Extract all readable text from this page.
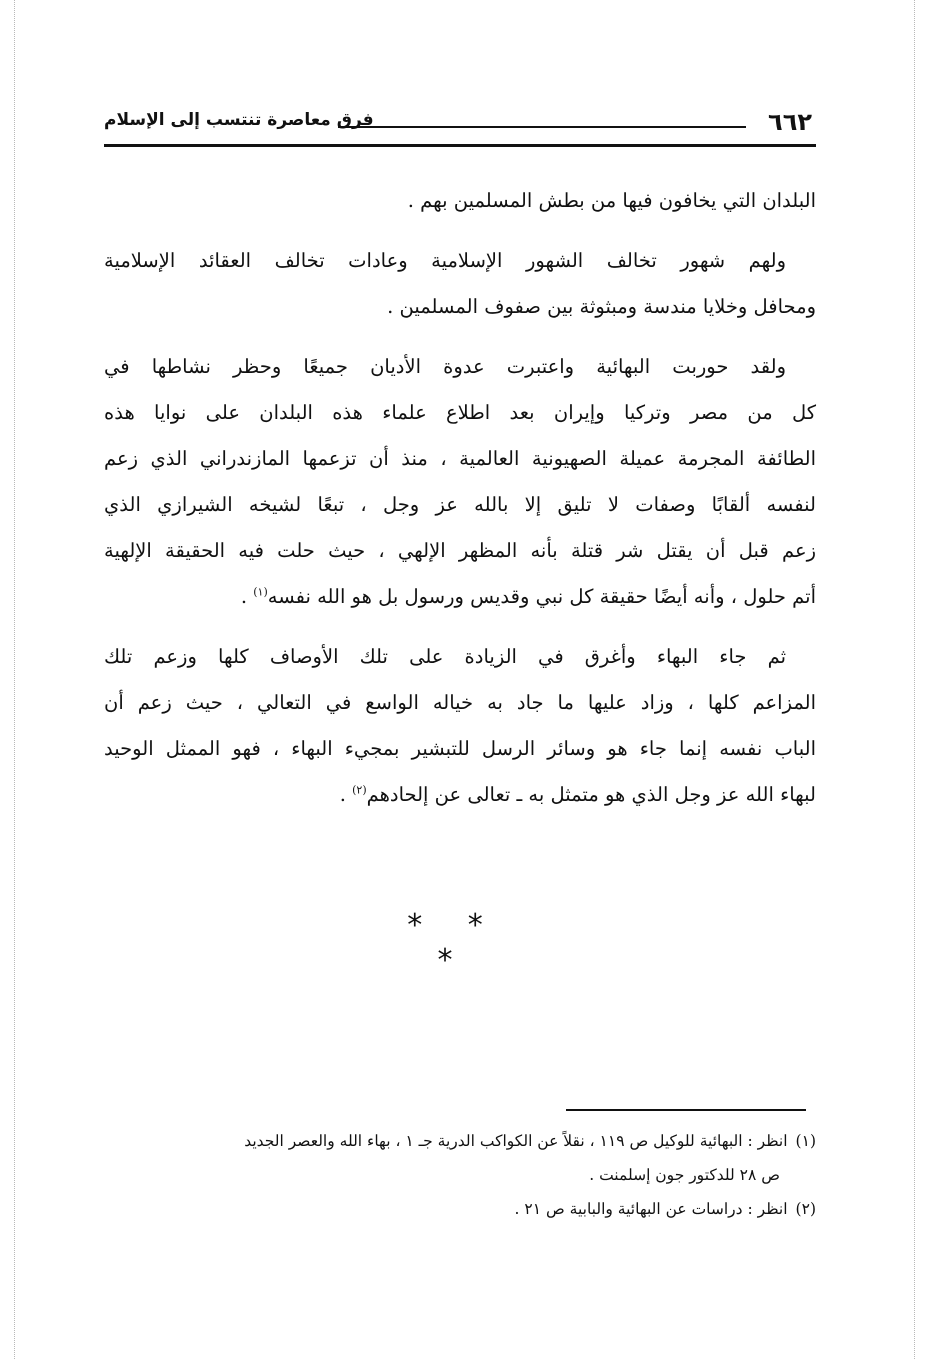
٦٦٢
فرق معاصرة تنتسب إلى الإسلام

البلدان التي يخافون فيها من بطش المسلمين بهم .

ولهم شهور تخالف الشهور الإسلامية وعادات تخالف العقائد الإسلامية
ومحافل وخلايا مندسة ومبثوثة بين صفوف المسلمين .

ولقد حوربت البهائية واعتبرت عدوة الأديان جميعًا وحظر نشاطها في
كل من مصر وتركيا وإيران بعد اطلاع علماء هذه البلدان على نوايا هذه
الطائفة المجرمة عميلة الصهيونية العالمية ، منذ أن تزعمها المازندراني الذي زعم
لنفسه ألقابًا وصفات لا تليق إلا بالله عز وجل ، تبعًا لشيخه الشيرازي الذي
زعم قبل أن يقتل شر قتلة بأنه المظهر الإلهي ، حيث حلت فيه الحقيقة الإلهية
أتم حلول ، وأنه أيضًا حقيقة كل نبي وقديس ورسول بل هو الله نفسه$^{(١)}$ .

ثم جاء البهاء وأغرق في الزيادة على تلك الأوصاف كلها وزعم تلك
المزاعم كلها ، وزاد عليها ما جاد به خياله الواسع في التعالي ، حيث زعم أن
الباب نفسه إنما جاء هو وسائر الرسل للتبشير بمجيء البهاء ، فهو الممثل الوحيد
لبهاء الله عز وجل الذي هو متمثل به ـ تعالى عن إلحادهم$^{(٢)}$ .

* * *
(١)انظر : البهائية للوكيل ص ١١٩ ، نقلاً عن الكواكب الدرية جـ ١ ، بهاء الله والعصر الجديد
ص ٢٨ للدكتور جون إسلمنت .
(٢)انظر : دراسات عن البهائية والبابية ص ٢١ .
